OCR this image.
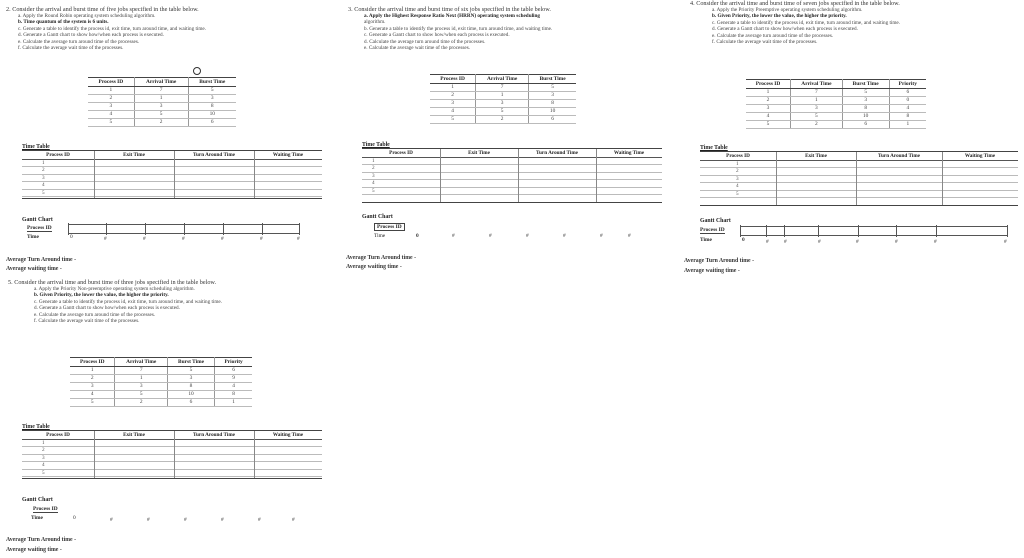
2. Consider the arrival and burst time of five jobs specified in the table below.
a. Apply the Round Robin operating system scheduling algorithm.
b. Time quantum of the system is 6 units.
c. Generate a table to identify the process id, exit time, turn around time, and waiting time.
d. Generate a Gantt chart to show how/when each process is executed.
e. Calculate the average turn around time of the processes.
f. Calculate the average wait time of the processes.
Process ID	Arrival Time	Burst Time
1	7	5
2	1	3
3	3	8
4	5	10
5	2	6
Time Table
Process ID	Exit Time	Turn Around Time	Waiting Time
1
2
3
4
5
Gantt Chart
Process ID
Time	0	#	#	#	#	#	#
Average Turn Around time -
Average waiting time -
5. Consider the arrival time and burst time of three jobs specified in the table below.
a. Apply the Priority Non-preemptive operating system scheduling algorithm.
b. Given Priority, the lower the value, the higher the priority.
c. Generate a table to identify the process id, exit time, turn around time, and waiting time.
d. Generate a Gantt chart to show how/when each process is executed.
e. Calculate the average turn around time of the processes.
f. Calculate the average wait time of the processes.
Process ID	Arrival Time	Burst Time	Priority
1	7	5	6
2	1	3	9
3	3	8	4
4	5	10	8
5	2	6	1
Time Table
Process ID	Exit Time	Turn Around Time	Waiting Time
1
2
3
4
5
Gantt Chart
Process ID
Time	0	#	#	#	#	#	#
Average Turn Around time -
Average waiting time -
3. Consider the arrival time and burst time of six jobs specified in the table below.
a. Apply the Highest Response Ratio Next (HRRN) operating system scheduling
algorithm.
b. Generate a table to identify the process id, exit time, turn around time, and waiting time.
c. Generate a Gantt chart to show how/when each process is executed.
d. Calculate the average turn around time of the processes.
e. Calculate the average wait time of the processes.
Process ID	Arrival Time	Burst Time
1	7	5
2	1	3
3	3	8
4	5	10
5	2	6
Time Table
Process ID	Exit Time	Turn Around Time	Waiting Time
1
2
3
4
5
Gantt Chart
Process ID
Time	0	#	#	#	#	#	#
Average Turn Around time -
Average waiting time -
4. Consider the arrival time and burst time of seven jobs specified in the table below.
a. Apply the Priority Preemptive operating system scheduling algorithm.
b. Given Priority, the lower the value, the higher the priority.
c. Generate a table to identify the process id, exit time, turn around time, and waiting time.
d. Generate a Gantt chart to show how/when each process is executed.
e. Calculate the average turn around time of the processes.
f. Calculate the average wait time of the processes.
Process ID	Arrival Time	Burst Time	Priority
1	7	5	6
2	1	3	0
3	3	8	4
4	5	10	8
5	2	6	1
Time Table
Process ID	Exit Time	Turn Around Time	Waiting Time
1
2
3
4
5
Gantt Chart
Process ID
Time	0	#	#	#	#	#	#	#
Average Turn Around time -
Average waiting time -
